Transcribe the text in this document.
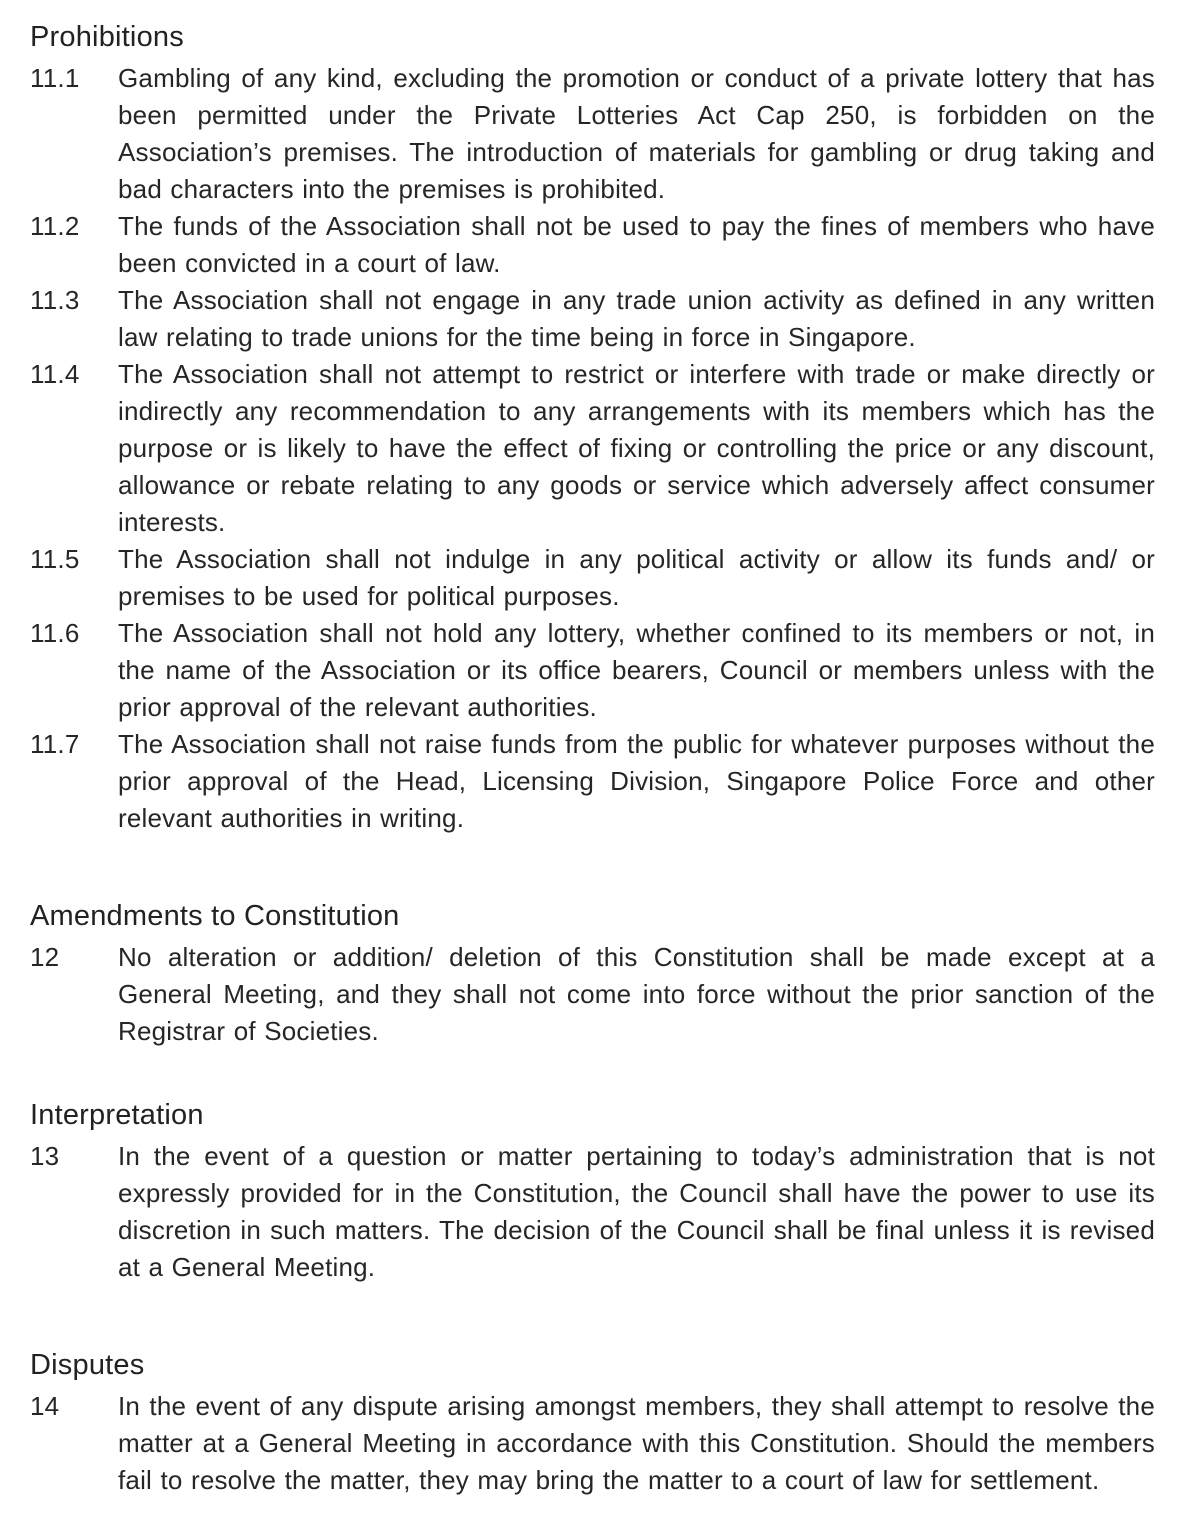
Prohibitions
11.1	Gambling of any kind, excluding the promotion or conduct of a private lottery that has been permitted under the Private Lotteries Act Cap 250, is forbidden on the Association’s premises. The introduction of materials for gambling or drug taking and bad characters into the premises is prohibited.
11.2	The funds of the Association shall not be used to pay the fines of members who have been convicted in a court of law.
11.3	The Association shall not engage in any trade union activity as defined in any written law relating to trade unions for the time being in force in Singapore.
11.4	The Association shall not attempt to restrict or interfere with trade or make directly or indirectly any recommendation to any arrangements with its members which has the purpose or is likely to have the effect of fixing or controlling the price or any discount, allowance or rebate relating to any goods or service which adversely affect consumer interests.
11.5	The Association shall not indulge in any political activity or allow its funds and/ or premises to be used for political purposes.
11.6	The Association shall not hold any lottery, whether confined to its members or not, in the name of the Association or its office bearers, Council or members unless with the prior approval of the relevant authorities.
11.7	The Association shall not raise funds from the public for whatever purposes without the prior approval of the Head, Licensing Division, Singapore Police Force and other relevant authorities in writing.
Amendments to Constitution
12	No alteration or addition/ deletion of this Constitution shall be made except at a General Meeting, and they shall not come into force without the prior sanction of the Registrar of Societies.
Interpretation
13	In the event of a question or matter pertaining to today’s administration that is not expressly provided for in the Constitution, the Council shall have the power to use its discretion in such matters. The decision of the Council shall be final unless it is revised at a General Meeting.
Disputes
14	In the event of any dispute arising amongst members, they shall attempt to resolve the matter at a General Meeting in accordance with this Constitution. Should the members fail to resolve the matter, they may bring the matter to a court of law for settlement.
